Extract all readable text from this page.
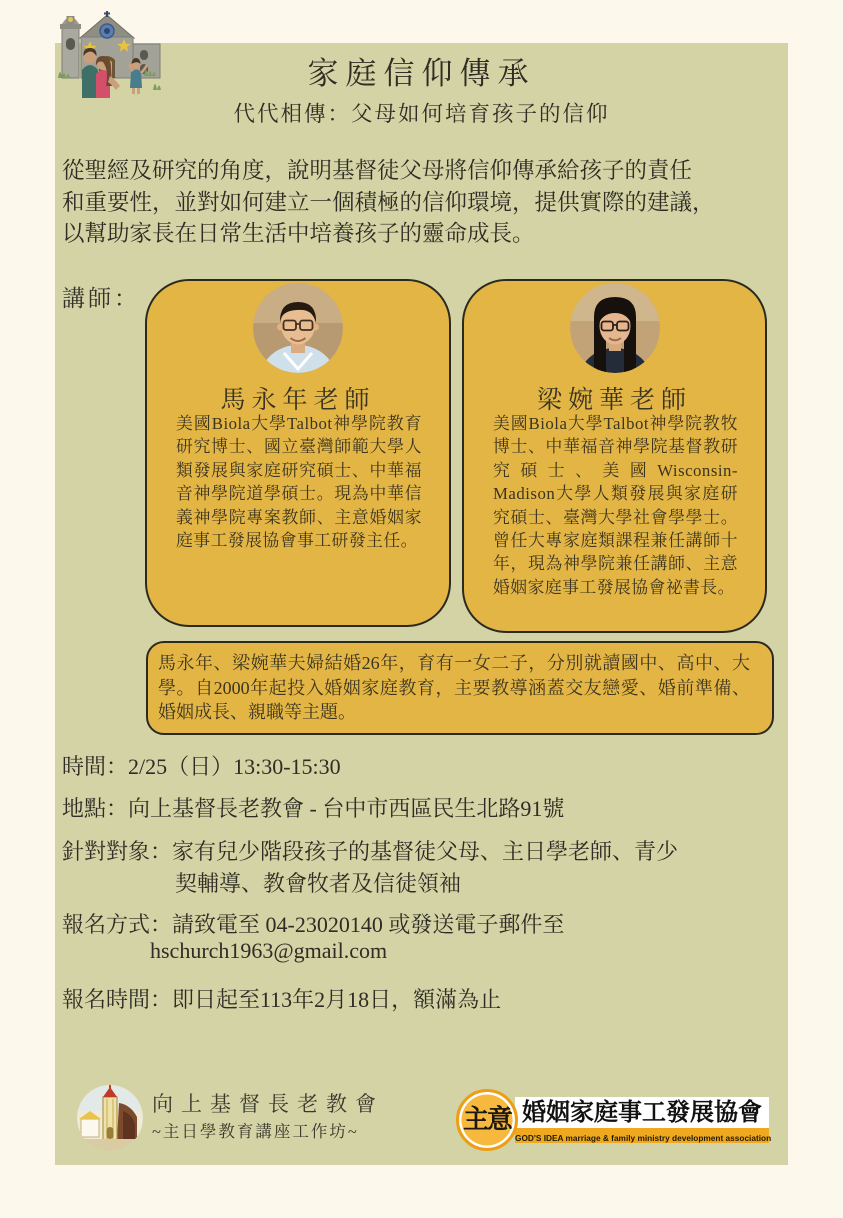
家庭信仰傳承
代代相傳：父母如何培育孩子的信仰
從聖經及研究的角度，說明基督徒父母將信仰傳承給孩子的責任
和重要性，並對如何建立一個積極的信仰環境，提供實際的建議，
以幫助家長在日常生活中培養孩子的靈命成長。
講師：
馬永年老師
美國Biola大學Talbot神學院教育研究博士、國立臺灣師範大學人類發展與家庭研究碩士、中華福音神學院道學碩士。現為中華信義神學院專案教師、主意婚姻家庭事工發展協會事工研發主任。
梁婉華老師
美國Biola大學Talbot神學院教牧博士、中華福音神學院基督教研究碩士、美國Wisconsin-Madison大學人類發展與家庭研究碩士、臺灣大學社會學學士。曾任大專家庭類課程兼任講師十年，現為神學院兼任講師、主意婚姻家庭事工發展協會祕書長。
馬永年、梁婉華夫婦結婚26年，育有一女二子，分別就讀國中、高中、大學。自2000年起投入婚姻家庭教育，主要教導涵蓋交友戀愛、婚前準備、婚姻成長、親職等主題。
時間：2/25（日）13:30-15:30
地點：向上基督長老教會 - 台中市西區民生北路91號
針對對象：家有兒少階段孩子的基督徒父母、主日學老師、青少
契輔導、教會牧者及信徒領袖
報名方式：請致電至 04-23020140 或發送電子郵件至
hschurch1963@gmail.com
報名時間：即日起至113年2月18日，額滿為止
向上基督長老教會
~主日學教育講座工作坊~	主意 婚姻家庭事工發展協會
GOD'S IDEA marriage & family ministry development association
